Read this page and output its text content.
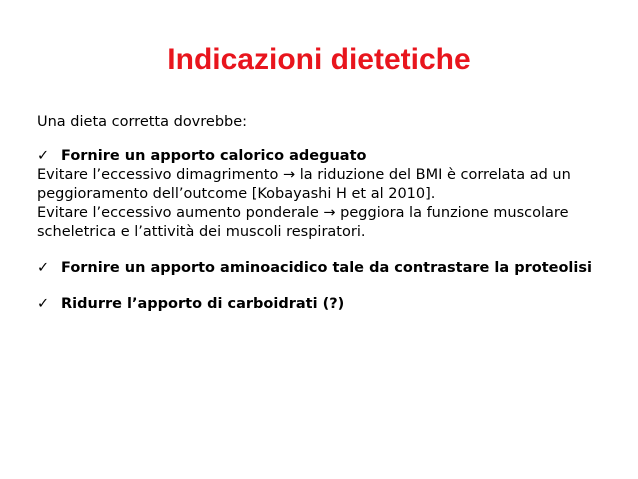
Indicazioni dietetiche

Una dieta corretta dovrebbe:

✓ Fornire un apporto calorico adeguato

Evitare l’eccessivo dimagrimento → la riduzione del BMI è correlata ad un peggioramento dell’outcome [Kobayashi H et al 2010].

Evitare l’eccessivo aumento ponderale → peggiora la funzione muscolare scheletrica e l’attività dei muscoli respiratori.

✓ Fornire un apporto aminoacidico tale da contrastare la proteolisi
✓ Ridurre l’apporto di carboidrati (?)
